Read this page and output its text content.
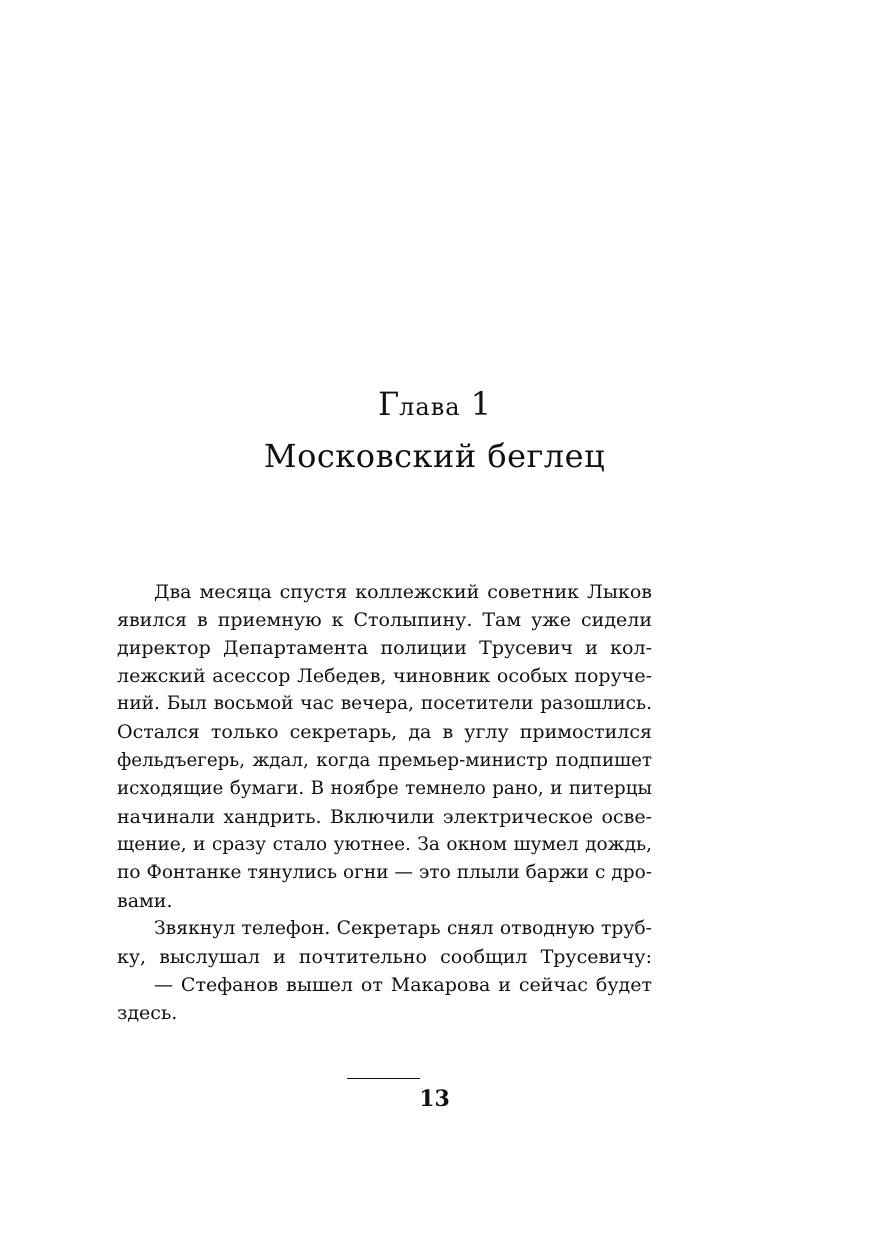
Глава 1
Московский беглец
Два месяца спустя коллежский советник Лыков
явился в приемную к Столыпину. Там уже сидели
директор Департамента полиции Трусевич и кол-
лежский асессор Лебедев, чиновник особых поруче-
ний. Был восьмой час вечера, посетители разошлись.
Остался только секретарь, да в углу примостился
фельдъегерь, ждал, когда премьер-министр подпишет
исходящие бумаги. В ноябре темнело рано, и питерцы
начинали хандрить. Включили электрическое осве-
щение, и сразу стало уютнее. За окном шумел дождь,
по Фонтанке тянулись огни — это плыли баржи с дро-
вами.
Звякнул телефон. Секретарь снял отводную труб-
ку, выслушал и почтительно сообщил Трусевичу:
— Стефанов вышел от Макарова и сейчас будет
здесь.
13
